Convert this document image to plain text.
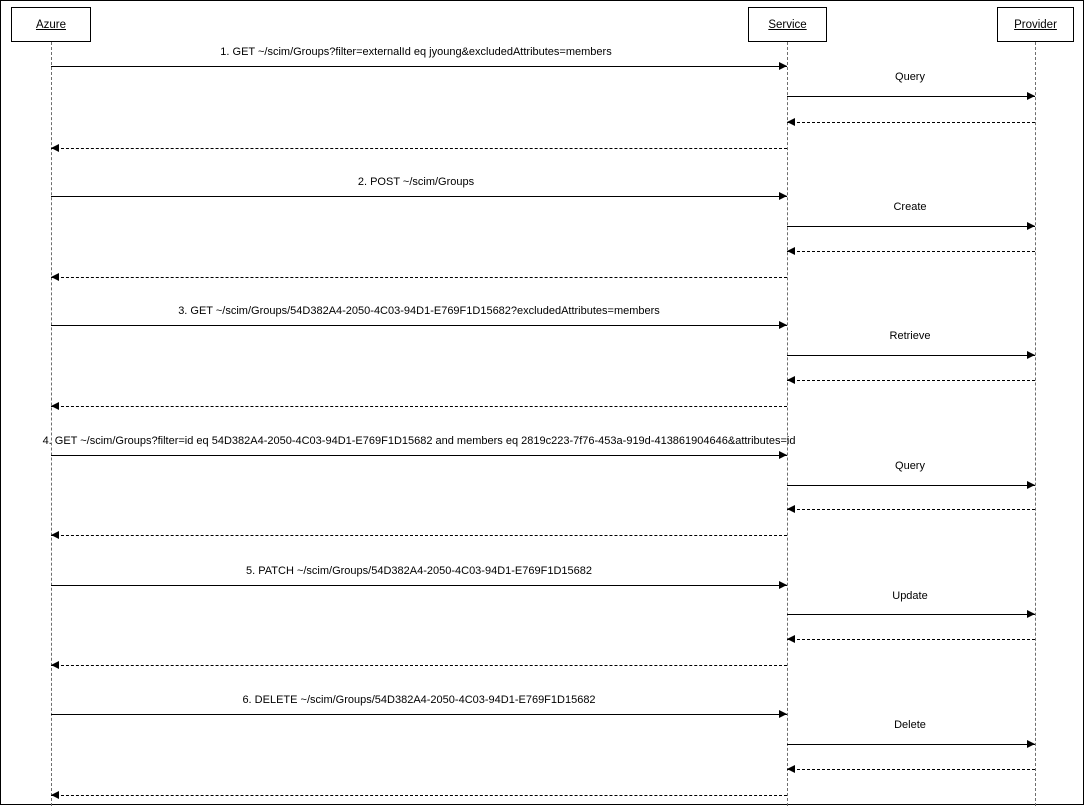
Azure	Service	Provider
1. GET ~/scim/Groups?filter=externalId eq jyoung&excludedAttributes=members
Query
2. POST ~/scim/Groups
Create
3. GET ~/scim/Groups/54D382A4-2050-4C03-94D1-E769F1D15682?excludedAttributes=members
Retrieve
4. GET ~/scim/Groups?filter=id eq 54D382A4-2050-4C03-94D1-E769F1D15682 and members eq 2819c223-7f76-453a-919d-413861904646&attributes=id
Query
5. PATCH ~/scim/Groups/54D382A4-2050-4C03-94D1-E769F1D15682
Update
6. DELETE ~/scim/Groups/54D382A4-2050-4C03-94D1-E769F1D15682
Delete
